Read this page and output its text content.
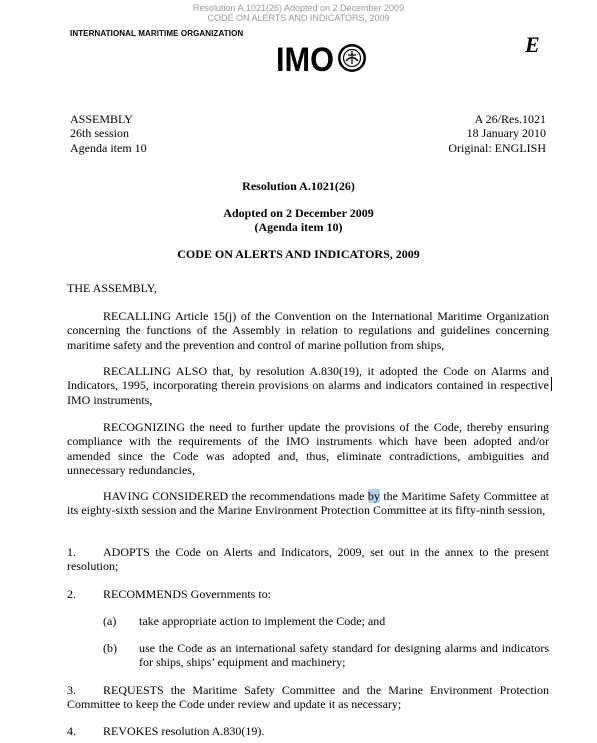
Resolution A.1021(26) Adopted on 2 December 2009
CODE ON ALERTS AND INDICATORS, 2009
INTERNATIONAL MARITIME ORGANIZATION	E
IMO
ASSEMBLY
26th session
Agenda item 10
A 26/Res.1021
18 January 2010
Original: ENGLISH
Resolution A.1021(26)
Adopted on 2 December 2009
(Agenda item 10)
CODE ON ALERTS AND INDICATORS, 2009
THE ASSEMBLY,
RECALLING Article 15(j) of the Convention on the International Maritime Organization concerning the functions of the Assembly in relation to regulations and guidelines concerning maritime safety and the prevention and control of marine pollution from ships,
RECALLING ALSO that, by resolution A.830(19), it adopted the Code on Alarms and Indicators, 1995, incorporating therein provisions on alarms and indicators contained in respective IMO instruments,
RECOGNIZING the need to further update the provisions of the Code, thereby ensuring compliance with the requirements of the IMO instruments which have been adopted and/or amended since the Code was adopted and, thus, eliminate contradictions, ambiguities and unnecessary redundancies,
HAVING CONSIDERED the recommendations made by the Maritime Safety Committee at its eighty-sixth session and the Marine Environment Protection Committee at its fifty-ninth session,
1.	ADOPTS the Code on Alerts and Indicators, 2009, set out in the annex to the present resolution;
2. RECOMMENDS Governments to:
(a) take appropriate action to implement the Code; and
(b) use the Code as an international safety standard for designing alarms and indicators for ships, ships’ equipment and machinery;
3.	REQUESTS the Maritime Safety Committee and the Marine Environment Protection Committee to keep the Code under review and update it as necessary;
4. REVOKES resolution A.830(19).
